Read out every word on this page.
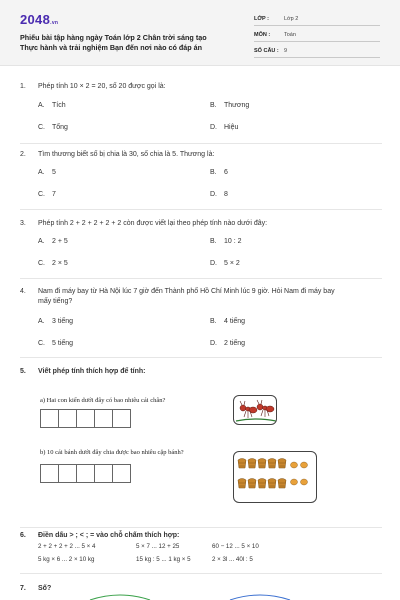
2048.vn
Phiếu bài tập hàng ngày Toán lớp 2 Chân trời sáng tạo
Thực hành và trải nghiệm Bạn đến nơi nào có đáp án
LỚP :	Lớp 2
MÔN :	Toán
SỐ CÂU : 9
1.	Phép tính 10 × 2 = 20, số 20 được gọi là:
A. Tích	B. Thương
C. Tổng	D. Hiệu
2.	Tìm thương biết số bị chia là 30, số chia là 5. Thương là:
A. 5	B. 6
C. 7	D. 8
3.	Phép tính 2 + 2 + 2 + 2 + 2 còn được viết lại theo phép tính nào dưới đây:
A. 2 + 5	B. 10 : 2
C. 2 × 5	D. 5 × 2
4.	Nam đi máy bay từ Hà Nội lúc 7 giờ đến Thành phố Hồ Chí Minh lúc 9 giờ. Hỏi Nam đi máy bay
mấy tiếng?
A. 3 tiếng	B. 4 tiếng
C. 5 tiếng	D. 2 tiếng
5.	Viết phép tính thích hợp để tính:
a) Hai con kiến dưới đây có bao nhiêu cái chân?
b) 10 cái bánh dưới đây chia được bao nhiêu cặp bánh?
6.	Điền dấu > ; < ; = vào chỗ chấm thích hợp:
2 + 2 + 2 + 2 ... 5 × 4	5 × 7 ... 12 + 25	60 − 12 ... 5 × 10
5 kg × 6 ... 2 × 10 kg	15 kg : 5 ... 1 kg × 5	2 × 3l ... 40l : 5
7.	Số?
